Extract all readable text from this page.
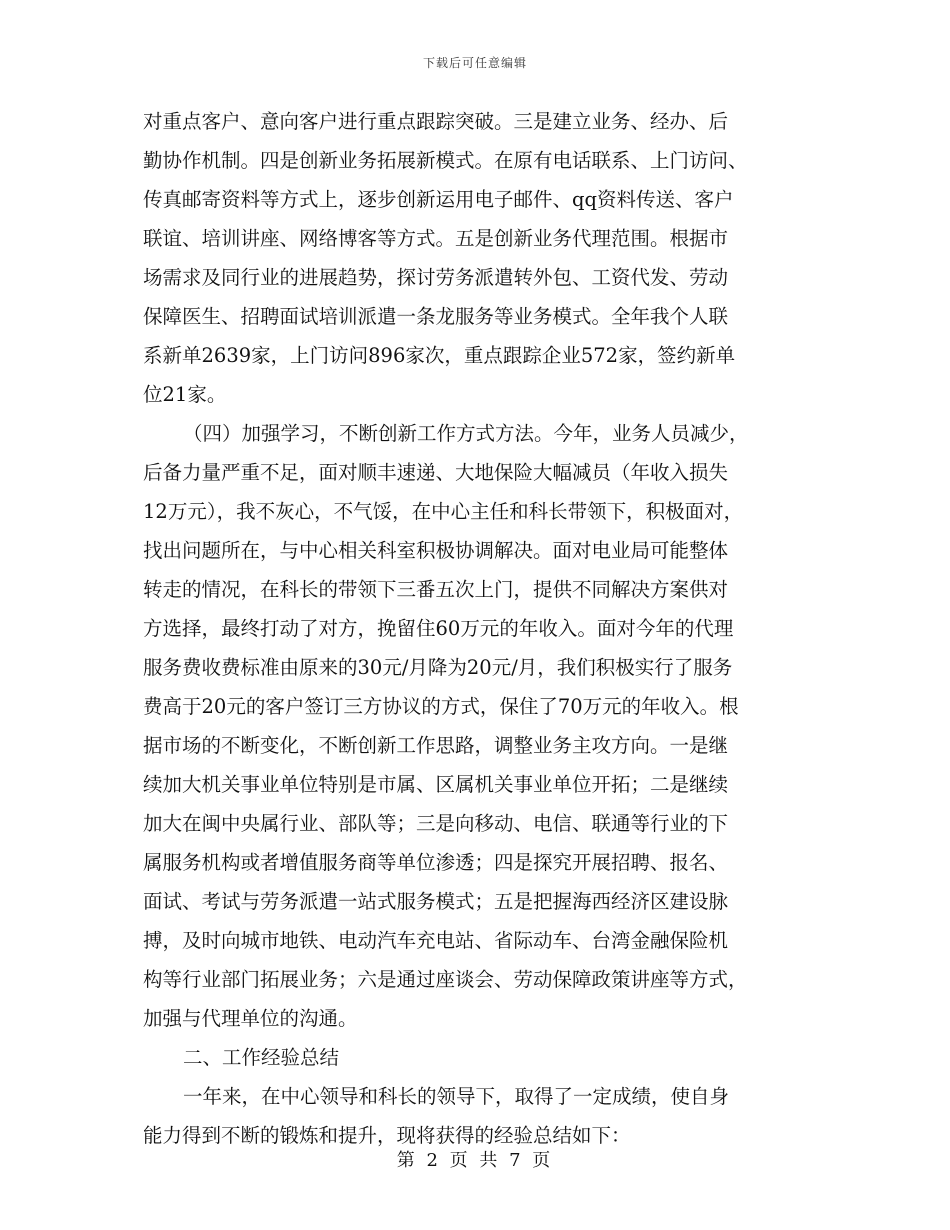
下载后可任意编辑
对重点客户、意向客户进行重点跟踪突破。三是建立业务、经办、后
勤协作机制。四是创新业务拓展新模式。在原有电话联系、上门访问、
传真邮寄资料等方式上，逐步创新运用电子邮件、qq资料传送、客户
联谊、培训讲座、网络博客等方式。五是创新业务代理范围。根据市
场需求及同行业的进展趋势，探讨劳务派遣转外包、工资代发、劳动
保障医生、招聘面试培训派遣一条龙服务等业务模式。全年我个人联
系新单2639家，上门访问896家次，重点跟踪企业572家，签约新单
位21家。
（四）加强学习，不断创新工作方式方法。今年，业务人员减少，
后备力量严重不足，面对顺丰速递、大地保险大幅减员（年收入损失
12万元），我不灰心，不气馁，在中心主任和科长带领下，积极面对，
找出问题所在，与中心相关科室积极协调解决。面对电业局可能整体
转走的情况，在科长的带领下三番五次上门，提供不同解决方案供对
方选择，最终打动了对方，挽留住60万元的年收入。面对今年的代理
服务费收费标准由原来的30元/月降为20元/月，我们积极实行了服务
费高于20元的客户签订三方协议的方式，保住了70万元的年收入。根
据市场的不断变化，不断创新工作思路，调整业务主攻方向。一是继
续加大机关事业单位特别是市属、区属机关事业单位开拓；二是继续
加大在闽中央属行业、部队等；三是向移动、电信、联通等行业的下
属服务机构或者增值服务商等单位渗透；四是探究开展招聘、报名、
面试、考试与劳务派遣一站式服务模式；五是把握海西经济区建设脉
搏，及时向城市地铁、电动汽车充电站、省际动车、台湾金融保险机
构等行业部门拓展业务；六是通过座谈会、劳动保障政策讲座等方式，
加强与代理单位的沟通。
二、工作经验总结
一年来，在中心领导和科长的领导下，取得了一定成绩，使自身
能力得到不断的锻炼和提升，现将获得的经验总结如下：
第 2 页 共 7 页
